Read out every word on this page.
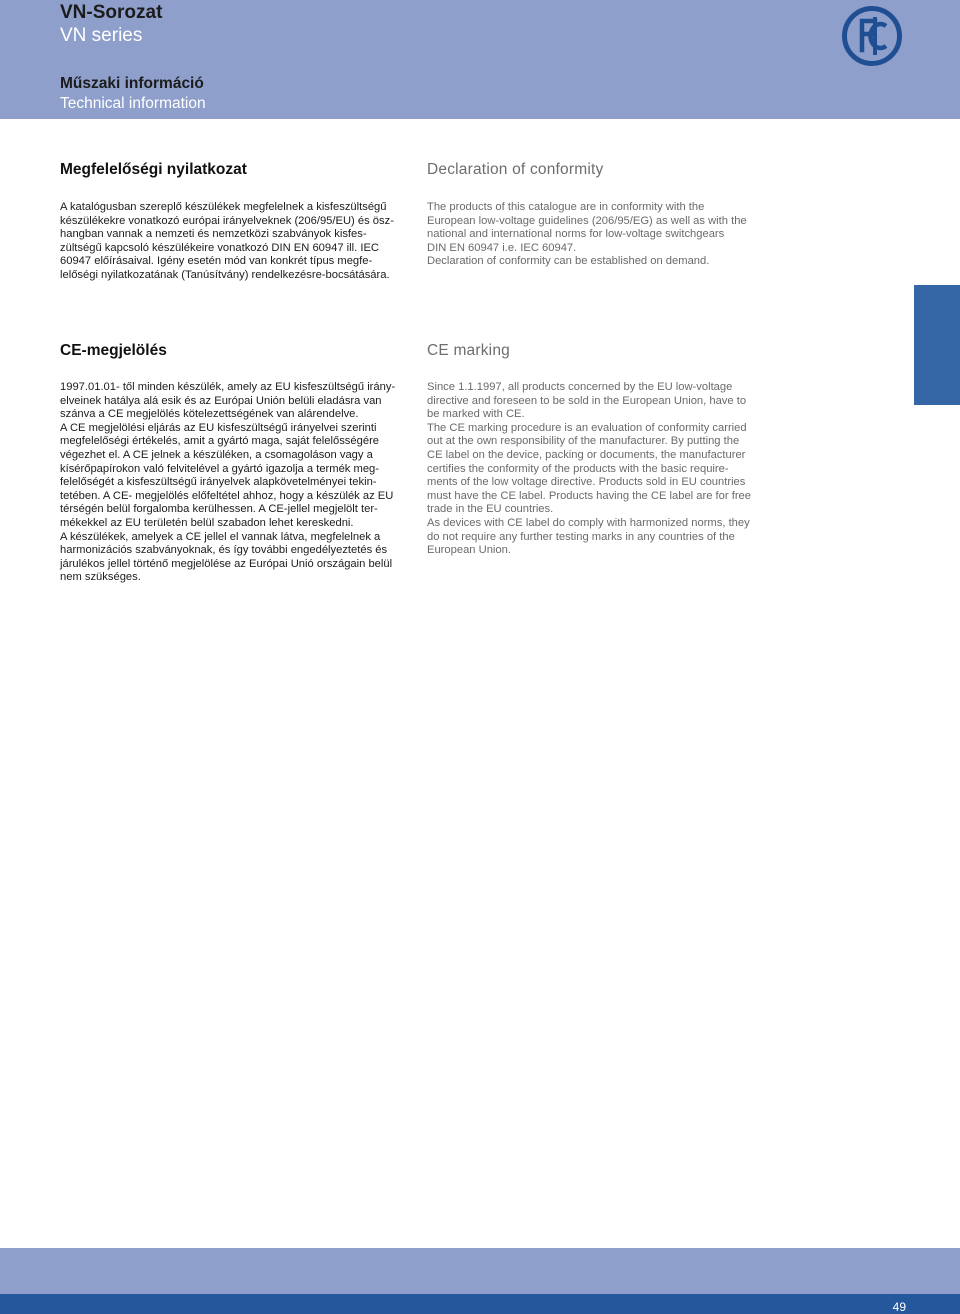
VN-Sorozat
VN series
Műszaki információ
Technical information
Megfelelőségi nyilatkozat	Declaration of conformity

A katalógusban szereplő készülékek megfelelnek a kisfeszültségű
készülékekre vonatkozó európai irányelveknek (206/95/EU) és ösz-
hangban vannak a nemzeti és nemzetközi szabványok kisfes-
zültségű kapcsoló készülékeire vonatkozó DIN EN 60947 ill. IEC
60947 előírásaival. Igény esetén mód van konkrét típus megfe-
lelőségi nyilatkozatának (Tanúsítvány) rendelkezésre-bocsátására.

The products of this catalogue are in conformity with the
European low-voltage guidelines (206/95/EG) as well as with the
national and international norms for low-voltage switchgears
DIN EN 60947 i.e. IEC 60947.
Declaration of conformity can be established on demand.

CE-megjelölés	CE marking

1997.01.01- től minden készülék, amely az EU kisfeszültségű irány-
elveinek hatálya alá esik és az Európai Unión belüli eladásra van
szánva a CE megjelölés kötelezettségének van alárendelve.
A CE megjelölési eljárás az EU kisfeszültségű irányelvei szerinti
megfelelőségi értékelés, amit a gyártó maga, saját felelősségére
végezhet el. A CE jelnek a készüléken, a csomagoláson vagy a
kísérőpapírokon való felvitelével a gyártó igazolja a termék meg-
felelőségét a kisfeszültségű irányelvek alapkövetelményei tekin-
tetében. A CE- megjelölés előfeltétel ahhoz, hogy a készülék az EU
térségén belül forgalomba kerülhessen. A CE-jellel megjelölt ter-
mékekkel az EU területén belül szabadon lehet kereskedni.
A készülékek, amelyek a CE jellel el vannak látva, megfelelnek a
harmonizációs szabványoknak, és így további engedélyeztetés és
járulékos jellel történő megjelölése az Európai Unió országain belül
nem szükséges.

Since 1.1.1997, all products concerned by the EU low-voltage
directive and foreseen to be sold in the European Union, have to
be marked with CE.
The CE marking procedure is an evaluation of conformity carried
out at the own responsibility of the manufacturer. By putting the
CE label on the device, packing or documents, the manufacturer
certifies the conformity of the products with the basic require-
ments of the low voltage directive. Products sold in EU countries
must have the CE label. Products having the CE label are for free
trade in the EU countries.
As devices with CE label do comply with harmonized norms, they
do not require any further testing marks in any countries of the
European Union.

49
